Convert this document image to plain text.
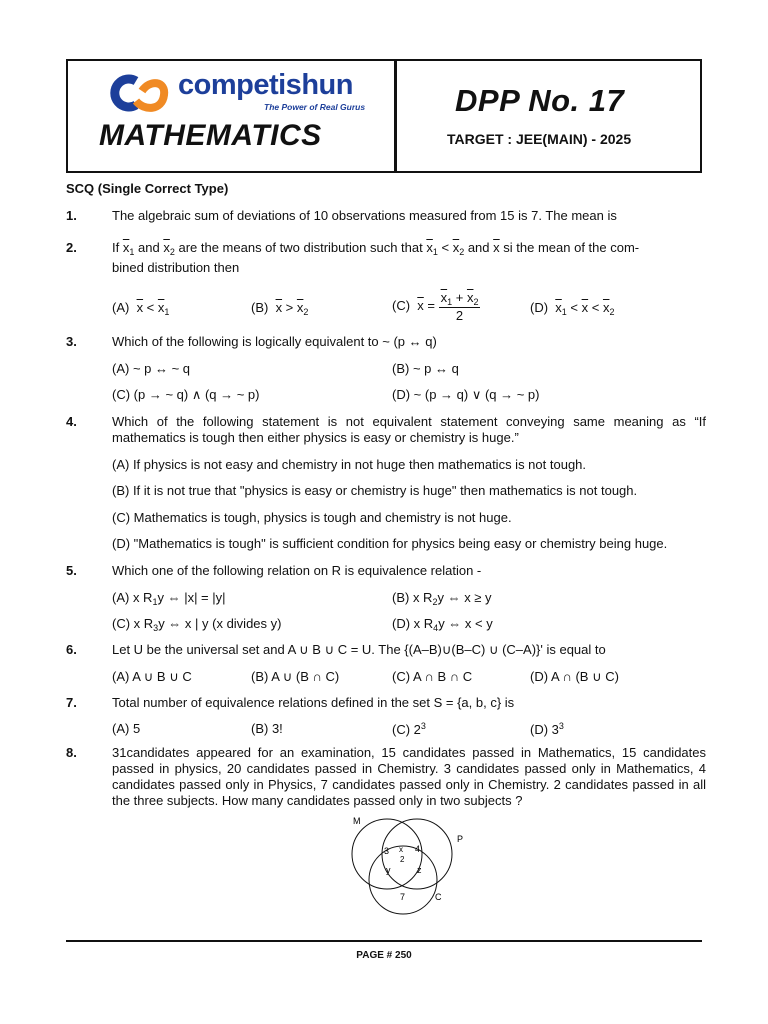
competishun
The Power of Real Gurus
MATHEMATICS
DPP No. 17
TARGET : JEE(MAIN) - 2025
SCQ (Single Correct Type)
1.	The algebraic sum of deviations of 10 observations measured from 15 is 7. The mean is
2.	If $\overline{x}_1$ and $\overline{x}_2$ are the means of two distribution such that $\overline{x}_1 < \overline{x}_2$ and $\overline{x}$ si the mean of the com-
bined distribution then
(A)  $\overline{x} < \overline{x}_1$	(B)  $\overline{x} > \overline{x}_2$	(C)  $\overline{x} = \frac{\overline{x}_1 + \overline{x}_2}{2}$	(D)  $\overline{x}_1 < \overline{x} < \overline{x}_2$
3.	Which of the following is logically equivalent to ~ (p ↔ q)
(A) ~ p ↔ ~ q	(B) ~ p ↔ q
(C) (p → ~ q) ∧ (q → ~ p)	(D) ~ (p → q) ∨ (q → ~ p)
4.	Which of the following statement is not equivalent statement conveying same meaning as “If mathematics is tough then either physics is easy or chemistry is huge.”
(A) If physics is not easy and chemistry in not huge then mathematics is not tough.
(B) If it is not true that "physics is easy or chemistry is huge" then mathematics is not tough.
(C) Mathematics is tough, physics is tough and chemistry is not huge.
(D) "Mathematics is tough" is sufficient condition for physics being easy or chemistry being huge.
5.	Which one of the following relation on R is equivalence relation -
(A) x $R_1y$ ⇔ |x| = |y|	(B) x $R_2y$ ⇔ x ≥ y
(C) x $R_3y$ ⇔ x | y (x divides y)	(D) x $R_4y$ ⇔ x < y
6.	Let U be the universal set and A ∪ B ∪ C = U. The {(A–B)∪(B–C) ∪ (C–A)}' is equal to
(A) A ∪ B ∪ C	(B) A ∪ (B ∩ C)	(C) A ∩ B ∩ C	(D) A ∩ (B ∪ C)
7.	Total number of equivalence relations defined in the set S = {a, b, c} is
(A) 5	(B) 3!	(C) $2^3$	(D) $3^3$
8.	31candidates appeared for an examination, 15 candidates passed in Mathematics, 15 candidates passed in physics, 20 candidates passed in Chemistry. 3 candidates passed only in Mathematics, 4 candidates passed only in Physics, 7 candidates passed only in Chemistry. 2 candidates passed in all the three subjects. How many candidates passed only in two subjects ?
M
P
C
3	4
7
x
y	z
2
PAGE # 250
